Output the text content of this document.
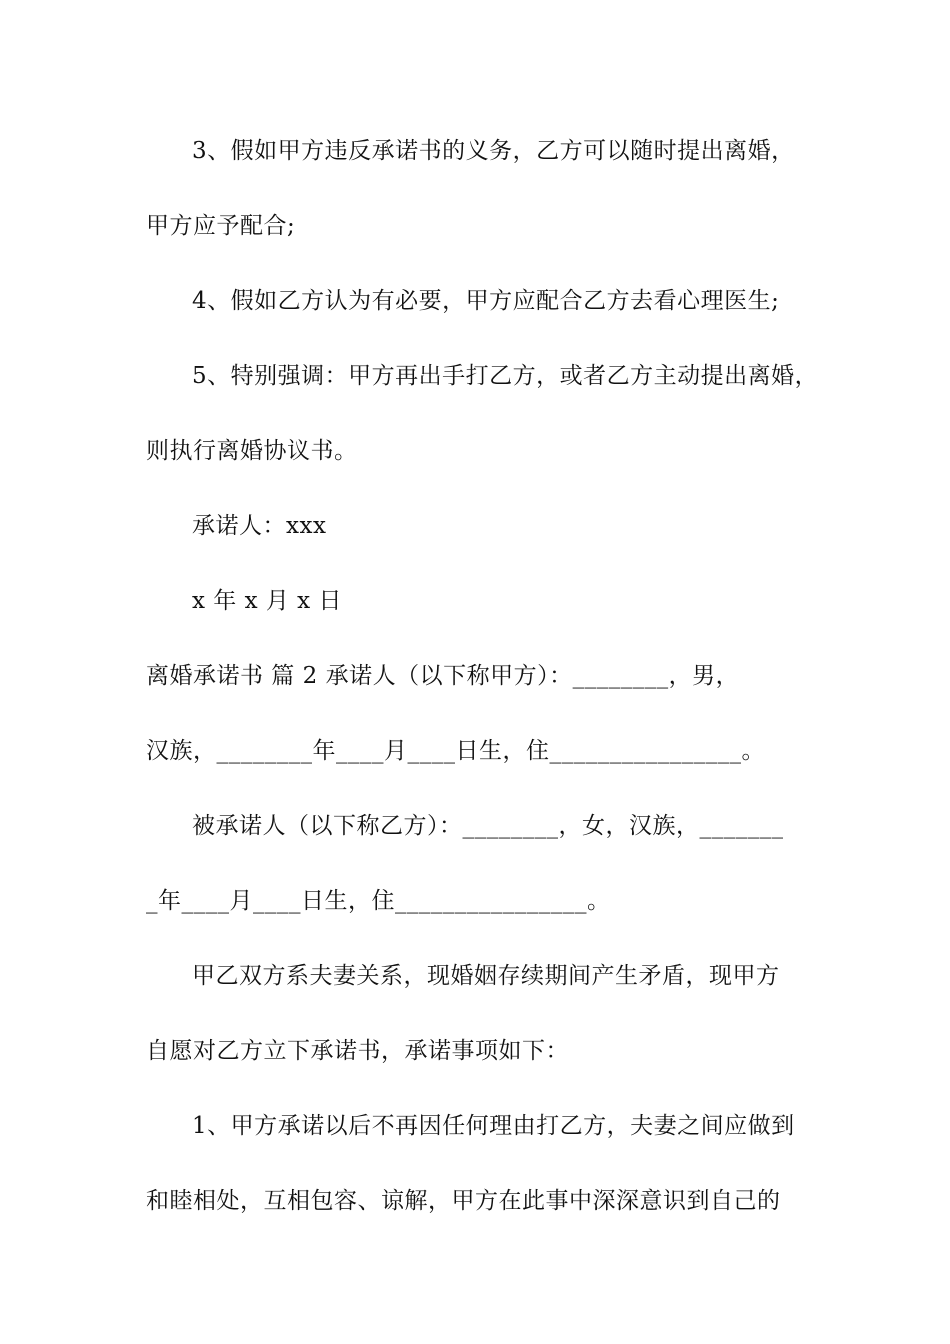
3、假如甲方违反承诺书的义务，乙方可以随时提出离婚，
甲方应予配合;
4、假如乙方认为有必要，甲方应配合乙方去看心理医生;
5、特别强调：甲方再出手打乙方，或者乙方主动提出离婚，
则执行离婚协议书。
承诺人：xxx
x 年 x 月 x 日
离婚承诺书 篇 2 承诺人（以下称甲方）：________，男，
汉族，________年____月____日生，住________________。
被承诺人（以下称乙方）：________，女，汉族，_______
_年____月____日生，住________________。
甲乙双方系夫妻关系，现婚姻存续期间产生矛盾，现甲方
自愿对乙方立下承诺书，承诺事项如下：
1、甲方承诺以后不再因任何理由打乙方，夫妻之间应做到
和睦相处，互相包容、谅解，甲方在此事中深深意识到自己的
